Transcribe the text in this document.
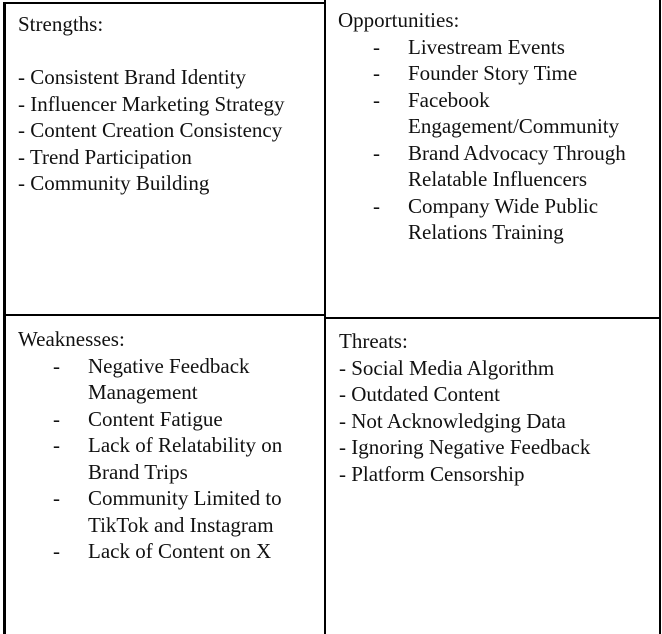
Strengths:
- Consistent Brand Identity
- Influencer Marketing Strategy
- Content Creation Consistency
- Trend Participation
- Community Building
Opportunities:
- Livestream Events
- Founder Story Time
- Facebook Engagement/Community
- Brand Advocacy Through Relatable Influencers
- Company Wide Public Relations Training
Weaknesses:
- Negative Feedback Management
- Content Fatigue
- Lack of Relatability on Brand Trips
- Community Limited to TikTok and Instagram
- Lack of Content on X
Threats:
- Social Media Algorithm
- Outdated Content
- Not Acknowledging Data
- Ignoring Negative Feedback
- Platform Censorship
